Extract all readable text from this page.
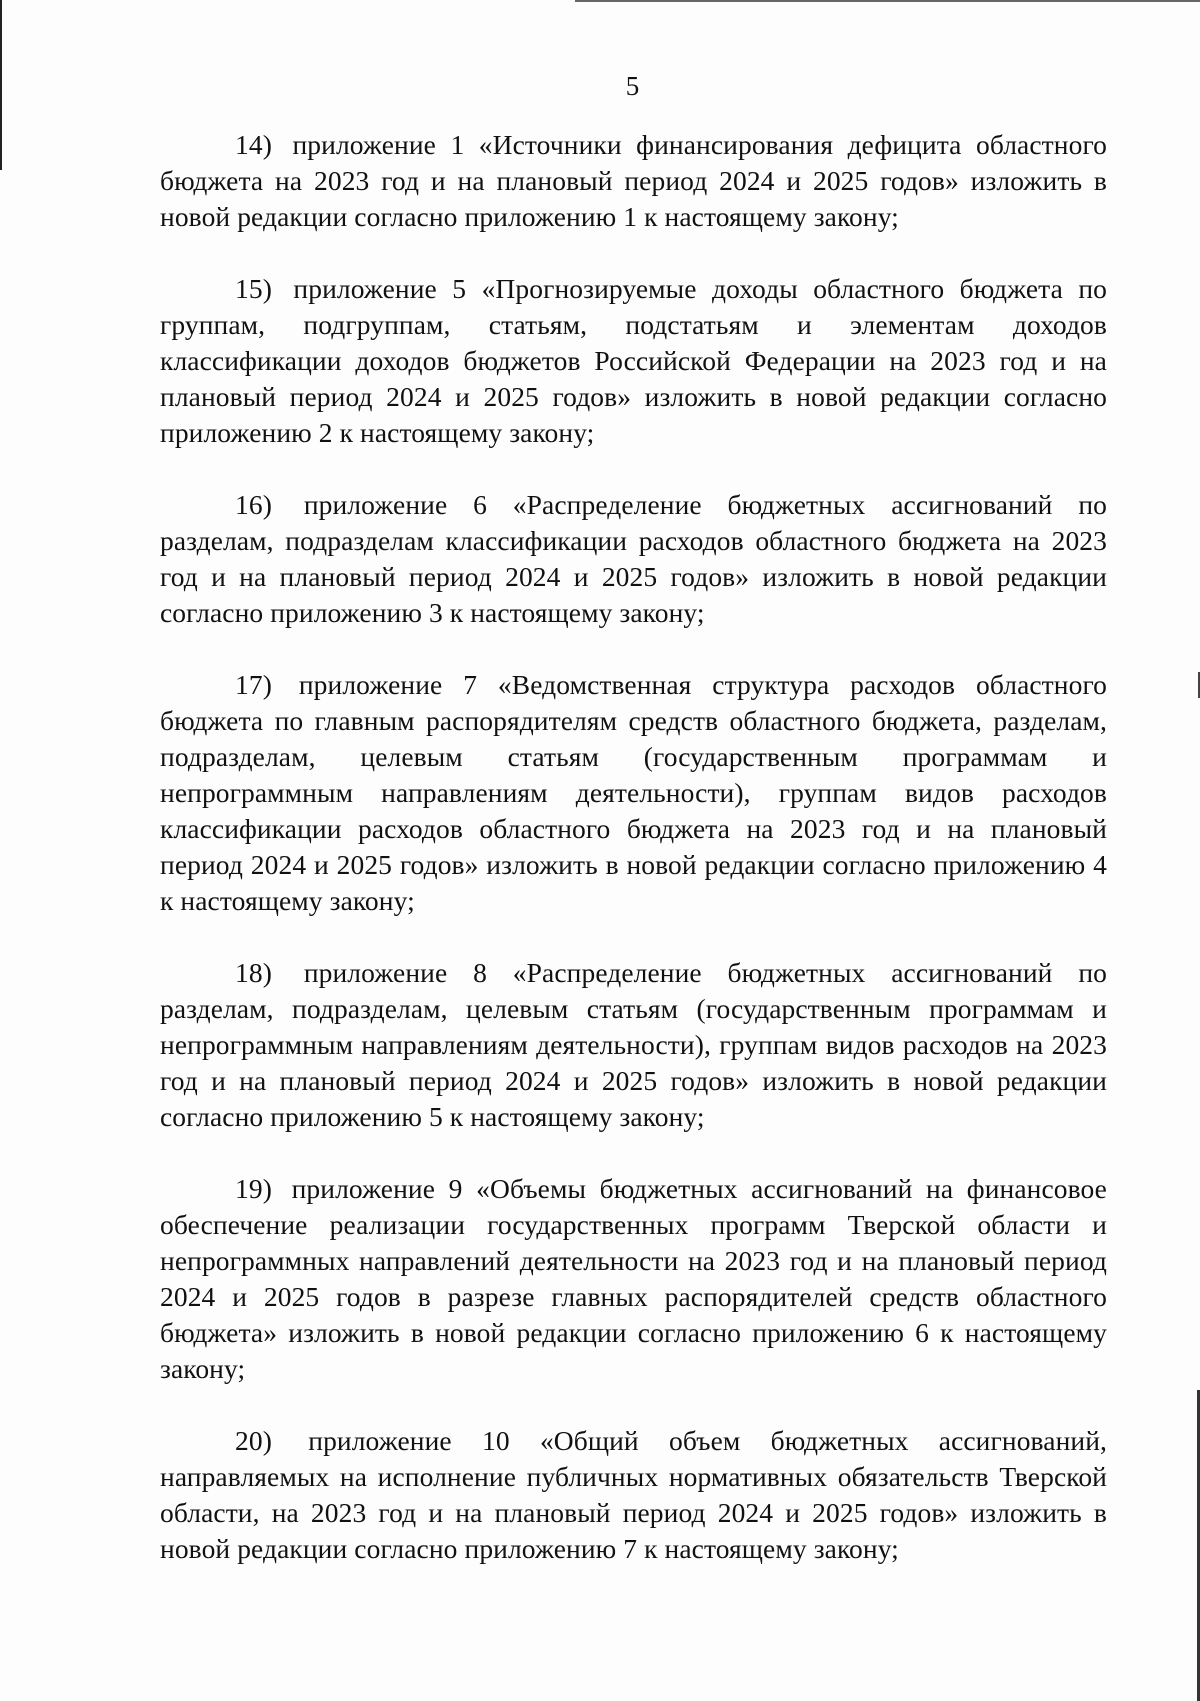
5

14) приложение 1 «Источники финансирования дефицита областного бюджета на 2023 год и на плановый период 2024 и 2025 годов» изложить в новой редакции согласно приложению 1 к настоящему закону;

15) приложение 5 «Прогнозируемые доходы областного бюджета по группам, подгруппам, статьям, подстатьям и элементам доходов классификации доходов бюджетов Российской Федерации на 2023 год и на плановый период 2024 и 2025 годов» изложить в новой редакции согласно приложению 2 к настоящему закону;

16) приложение 6 «Распределение бюджетных ассигнований по разделам, подразделам классификации расходов областного бюджета на 2023 год и на плановый период 2024 и 2025 годов» изложить в новой редакции согласно приложению 3 к настоящему закону;

17) приложение 7 «Ведомственная структура расходов областного бюджета по главным распорядителям средств областного бюджета, разделам, подразделам, целевым статьям (государственным программам и непрограммным направлениям деятельности), группам видов расходов классификации расходов областного бюджета на 2023 год и на плановый период 2024 и 2025 годов» изложить в новой редакции согласно приложению 4 к настоящему закону;

18) приложение 8 «Распределение бюджетных ассигнований по разделам, подразделам, целевым статьям (государственным программам и непрограммным направлениям деятельности), группам видов расходов на 2023 год и на плановый период 2024 и 2025 годов» изложить в новой редакции согласно приложению 5 к настоящему закону;

19) приложение 9 «Объемы бюджетных ассигнований на финансовое обеспечение реализации государственных программ Тверской области и непрограммных направлений деятельности на 2023 год и на плановый период 2024 и 2025 годов в разрезе главных распорядителей средств областного бюджета» изложить в новой редакции согласно приложению 6 к настоящему закону;

20) приложение 10 «Общий объем бюджетных ассигнований, направляемых на исполнение публичных нормативных обязательств Тверской области, на 2023 год и на плановый период 2024 и 2025 годов» изложить в новой редакции согласно приложению 7 к настоящему закону;
